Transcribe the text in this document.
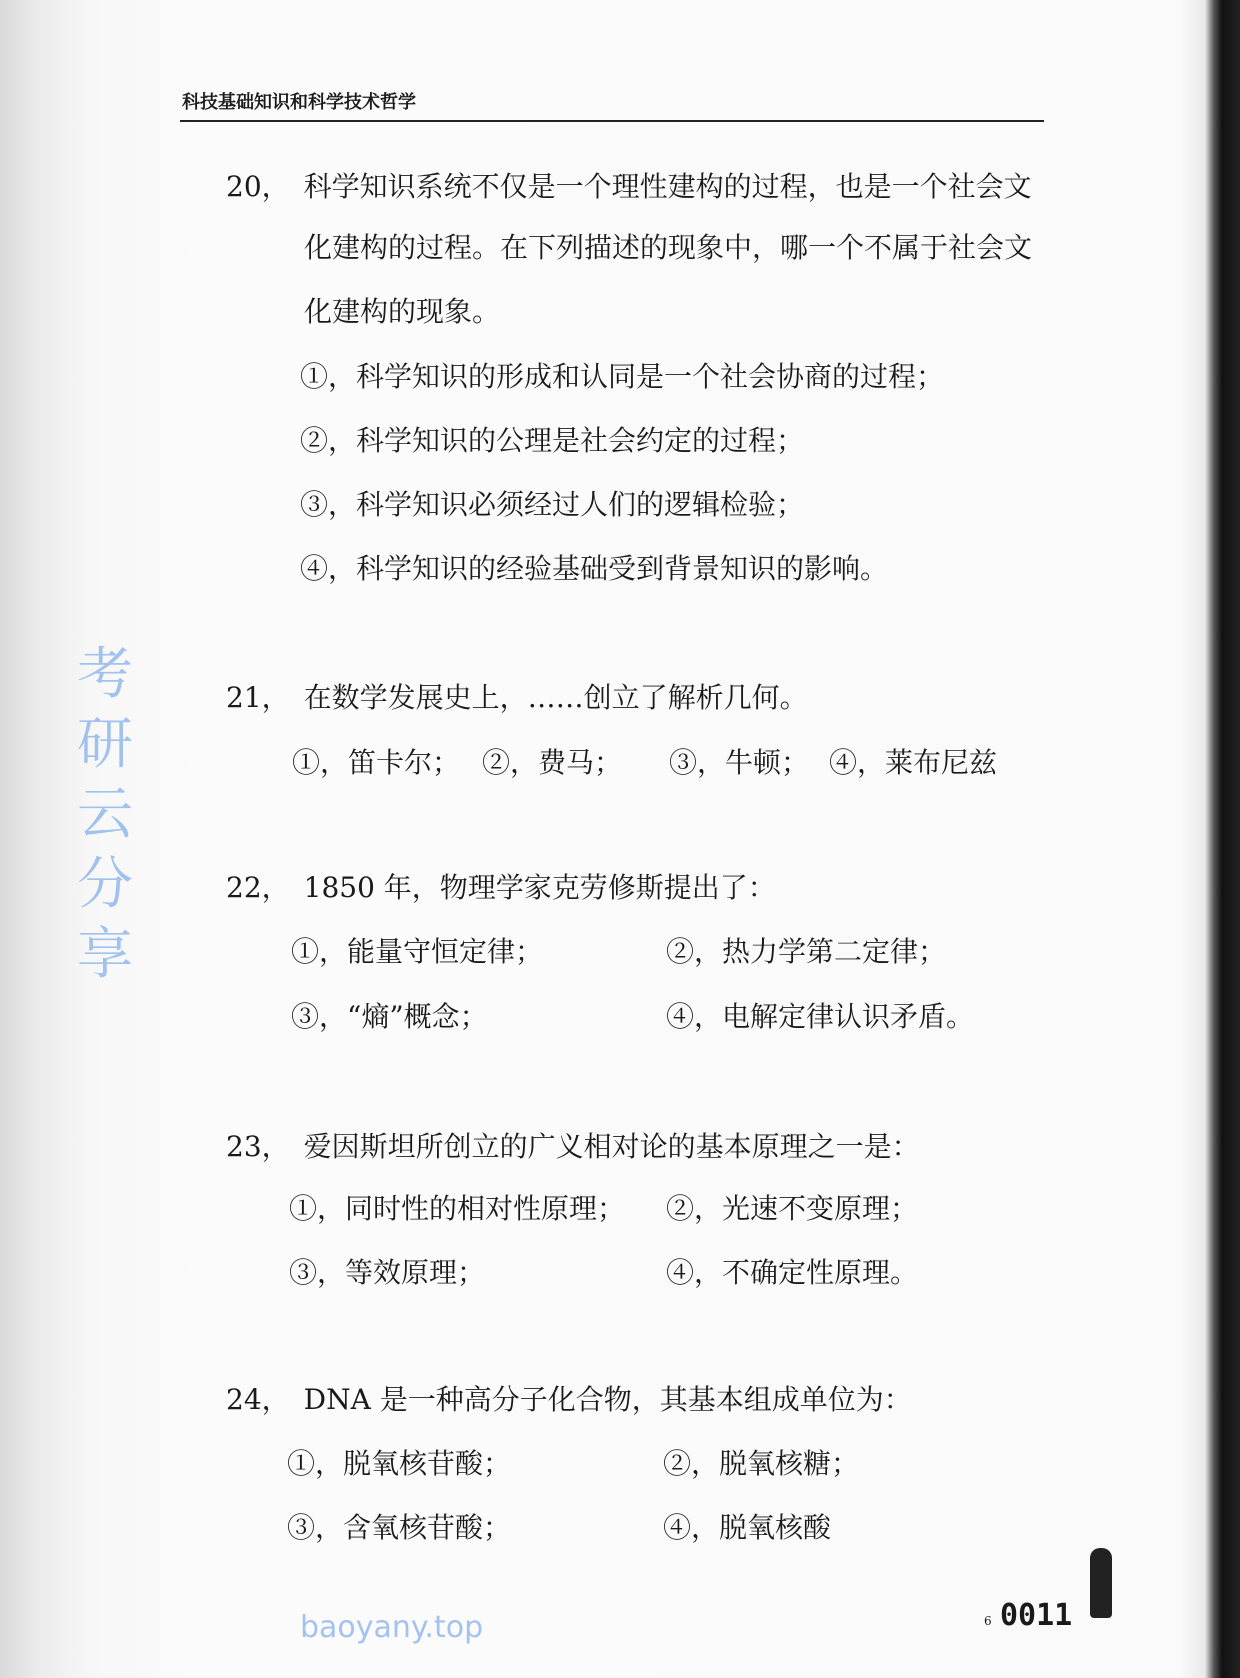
科技基础知识和科学技术哲学
20， 科学知识系统不仅是一个理性建构的过程，也是一个社会文
化建构的过程。在下列描述的现象中，哪一个不属于社会文
化建构的现象。
①，科学知识的形成和认同是一个社会协商的过程；
②，科学知识的公理是社会约定的过程；
③，科学知识必须经过人们的逻辑检验；
④，科学知识的经验基础受到背景知识的影响。
21， 在数学发展史上，……创立了解析几何。
①，笛卡尔； ②，费马； ③，牛顿； ④，莱布尼兹
22， 1850 年，物理学家克劳修斯提出了：
①，能量守恒定律；	②，热力学第二定律；
③，“熵”概念；	④，电解定律认识矛盾。
23， 爱因斯坦所创立的广义相对论的基本原理之一是：
①，同时性的相对性原理； ②，光速不变原理；
③，等效原理；	④，不确定性原理。
24， DNA 是一种高分子化合物，其基本组成单位为：
①，脱氧核苷酸；	②，脱氧核糖；
③，含氧核苷酸；	④，脱氧核酸
考研云分享
baoyany.top	6 0011
